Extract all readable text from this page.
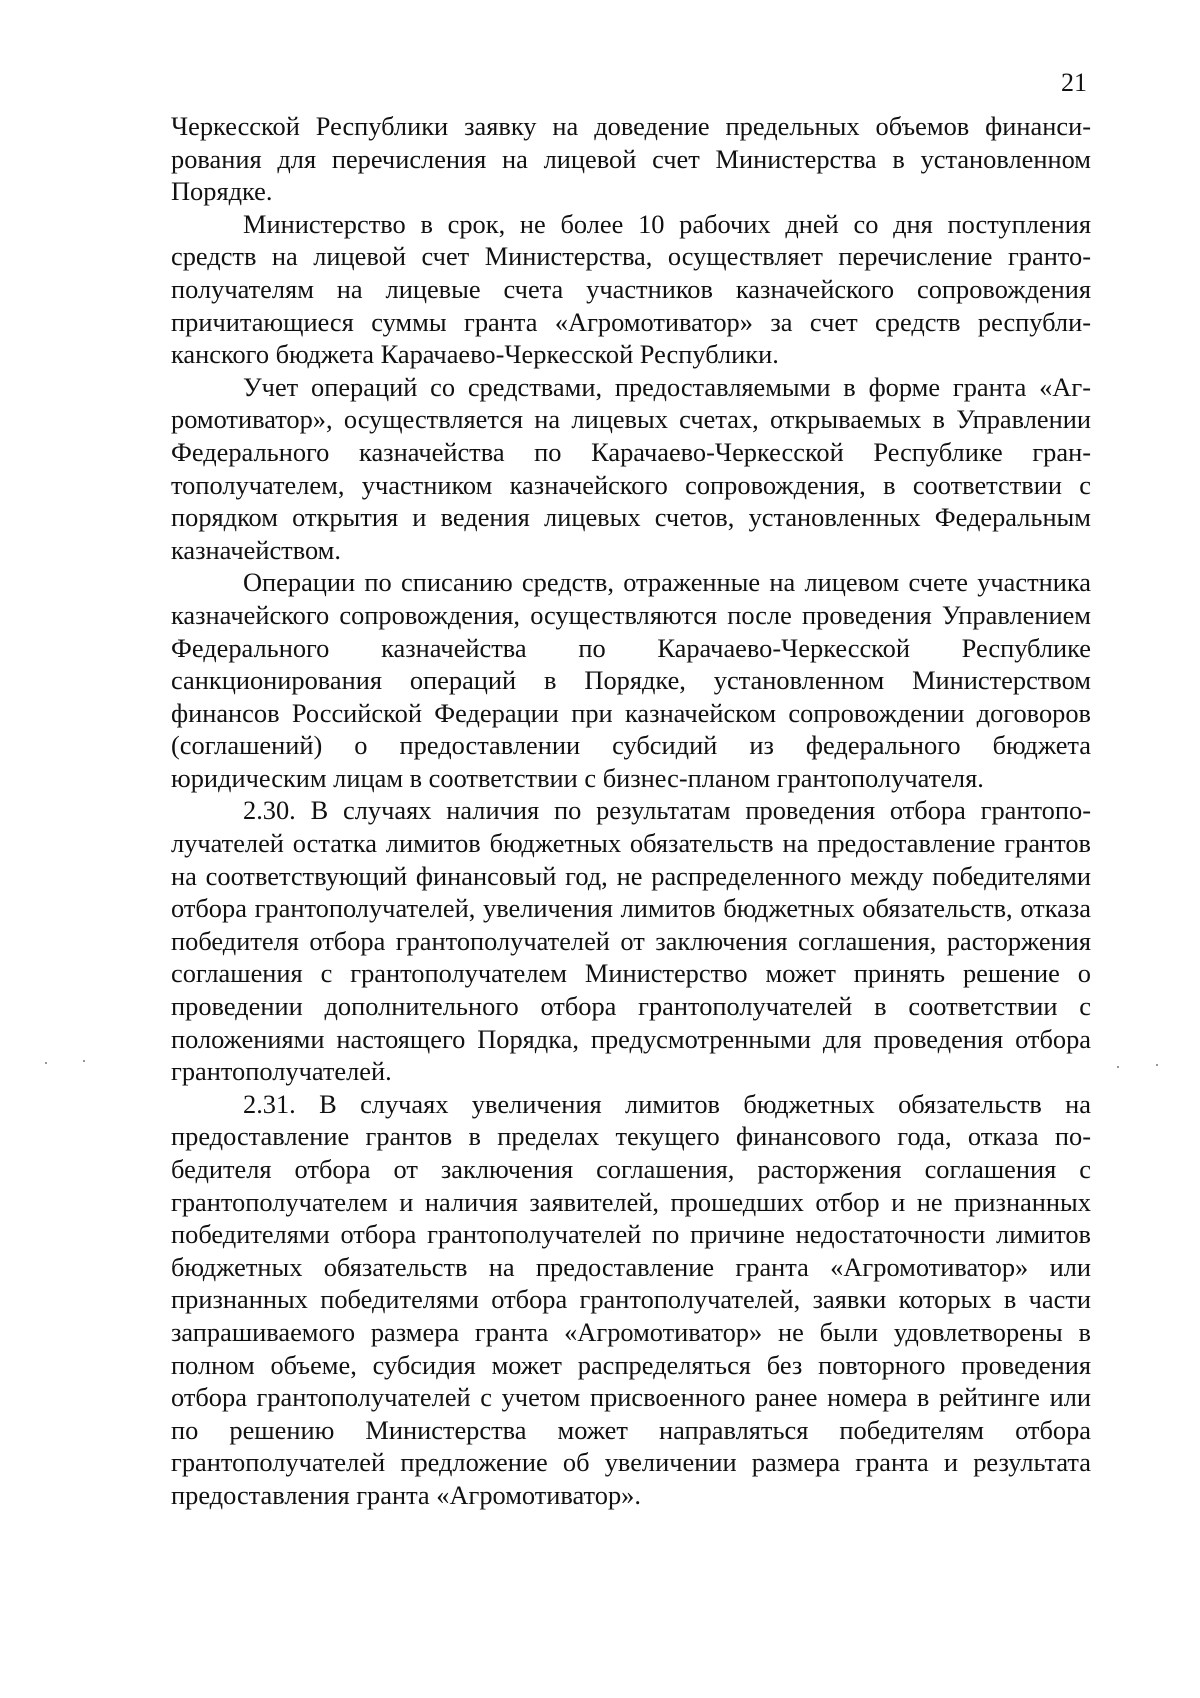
21

Черкесской Республики заявку на доведение предельных объемов финансирования для перечисления на лицевой счет Министерства в установленном Порядке.

Министерство в срок, не более 10 рабочих дней со дня поступления средств на лицевой счет Министерства, осуществляет перечисление грантополучателям на лицевые счета участников казначейского сопровождения причитающиеся суммы гранта «Агромотиватор» за счет средств республиканского бюджета Карачаево-Черкесской Республики.

Учет операций со средствами, предоставляемыми в форме гранта «Агромотиватор», осуществляется на лицевых счетах, открываемых в Управлении Федерального казначейства по Карачаево-Черкесской Республике грантополучателем, участником казначейского сопровождения, в соответствии с порядком открытия и ведения лицевых счетов, установленных Федеральным казначейством.

Операции по списанию средств, отраженные на лицевом счете участника казначейского сопровождения, осуществляются после проведения Управлением Федерального казначейства по Карачаево-Черкесской Республике санкционирования операций в Порядке, установленном Министерством финансов Российской Федерации при казначейском сопровождении договоров (соглашений) о предоставлении субсидий из федерального бюджета юридическим лицам в соответствии с бизнес-планом грантополучателя.

2.30. В случаях наличия по результатам проведения отбора грантополучателей остатка лимитов бюджетных обязательств на предоставление грантов на соответствующий финансовый год, не распределенного между победителями отбора грантополучателей, увеличения лимитов бюджетных обязательств, отказа победителя отбора грантополучателей от заключения соглашения, расторжения соглашения с грантополучателем Министерство может принять решение о проведении дополнительного отбора грантополучателей в соответствии с положениями настоящего Порядка, предусмотренными для проведения отбора грантополучателей.

2.31. В случаях увеличения лимитов бюджетных обязательств на предоставление грантов в пределах текущего финансового года, отказа победителя отбора от заключения соглашения, расторжения соглашения с грантополучателем и наличия заявителей, прошедших отбор и не признанных победителями отбора грантополучателей по причине недостаточности лимитов бюджетных обязательств на предоставление гранта «Агромотиватор» или признанных победителями отбора грантополучателей, заявки которых в части запрашиваемого размера гранта «Агромотиватор» не были удовлетворены в полном объеме, субсидия может распределяться без повторного проведения отбора грантополучателей с учетом присвоенного ранее номера в рейтинге или по решению Министерства может направляться победителям отбора грантополучателей предложение об увеличении размера гранта и результата предоставления гранта «Агромотиватор».
